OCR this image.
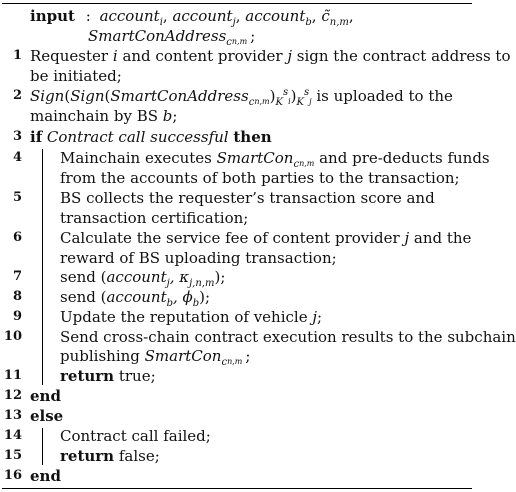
input : account$_i$, account$_j$, account$_b$, $c̃_{n,m}$,
SmartConAddress$_{cn,m}$ ;
1
2
3
4
5
6
7
8
9
10
11
12
13
14
15
16
Requester i and content provider j sign the contract address to
be initiated;
$Sign(Sign(SmartConAddress_{cn,m})_K^s_i)_K^s_j$ is uploaded to the
mainchain by BS b;
if Contract call successful then
Mainchain executes SmartCon$_{cn,m}$ and pre-deducts funds
from the accounts of both parties to the transaction;
BS collects the requester’s transaction score and
transaction certification;
Calculate the service fee of content provider j and the
reward of BS uploading transaction;
send (account$_j$, $\kappa_{j,n,m}$);
send (account$_b$, $\phi_b$);
Update the reputation of vehicle j;
Send cross-chain contract execution results to the subchain
publishing SmartCon$_{cn,m}$ ;
return true;
end
else
Contract call failed;
return false;
end
